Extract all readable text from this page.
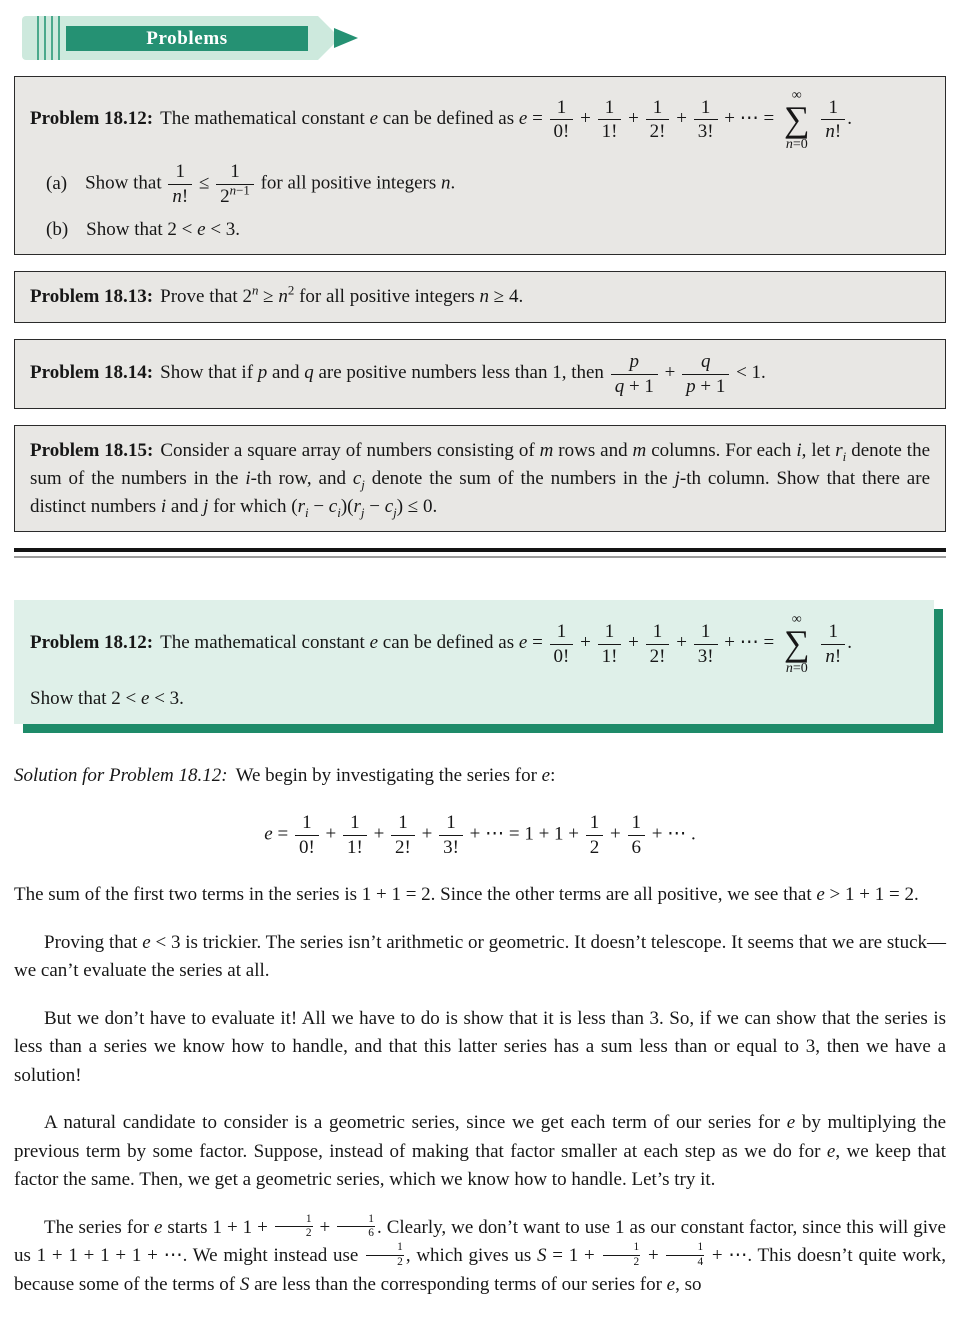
Problems
Problem 18.12: The mathematical constant e can be defined as $e = \frac{1}{0!} + \frac{1}{1!} + \frac{1}{2!} + \frac{1}{3!}$ + ⋯ =
∞
∑
n=0

$\frac{1}{n!}$ .
(a) Show that $\frac{1}{n!} \le \frac{1}{2^{n-1}}$ for all positive integers n.
(b) Show that 2 < e < 3.
Problem 18.13: Prove that $2^n \ge n^2$ for all positive integers n ≥ 4.
Problem 18.14: Show that if p and q are positive numbers less than 1, then $\frac{p}{q + 1} + \frac{q}{p + 1} < 1$.
Problem 18.15: Consider a square array of numbers consisting of m rows and m columns. For each i, let $r_i$ denote the sum of the numbers in the i-th row, and $c_j$ denote the sum of the numbers in the j-th column. Show that there are distinct numbers i and j for which $(r_i - c_i)(r_j - c_j) \le 0$.
Problem 18.12: The mathematical constant e can be defined as $e = \frac{1}{0!} + \frac{1}{1!} + \frac{1}{2!} + \frac{1}{3!}$ + ⋯ =
∞
∑
n=0

$\frac{1}{n!}$ .
Show that 2 < e < 3.

Solution for Problem 18.12: We begin by investigating the series for e:

$e = \frac{1}{0!} + \frac{1}{1!} + \frac{1}{2!} + \frac{1}{3!}$ + ⋯ = $1 + 1 + \frac{1}{2} + \frac{1}{6}$ + ⋯ .

The sum of the first two terms in the series is 1 + 1 = 2. Since the other terms are all positive, we see that e > 1 + 1 = 2.

Proving that e < 3 is trickier. The series isn’t arithmetic or geometric. It doesn’t telescope. It seems that we are stuck—we can’t evaluate the series at all.

But we don’t have to evaluate it! All we have to do is show that it is less than 3. So, if we can show that the series is less than a series we know how to handle, and that this latter series has a sum less than or equal to 3, then we have a solution!

A natural candidate to consider is a geometric series, since we get each term of our series for e by multiplying the previous term by some factor. Suppose, instead of making that factor smaller at each step as we do for e, we keep that factor the same. Then, we get a geometric series, which we know how to handle. Let’s try it.

The series for e starts $1 + 1 + \frac{1}{2} + \frac{1}{6}$ . Clearly, we don’t want to use 1 as our constant factor, since this will give us 1 + 1 + 1 + 1 + ⋯. We might instead use $\frac{1}{2}$ , which gives us $S = 1 + \frac{1}{2} + \frac{1}{4}$ + ⋯. This doesn’t quite work, because some of the terms of S are less than the corresponding terms of our series for e, so
